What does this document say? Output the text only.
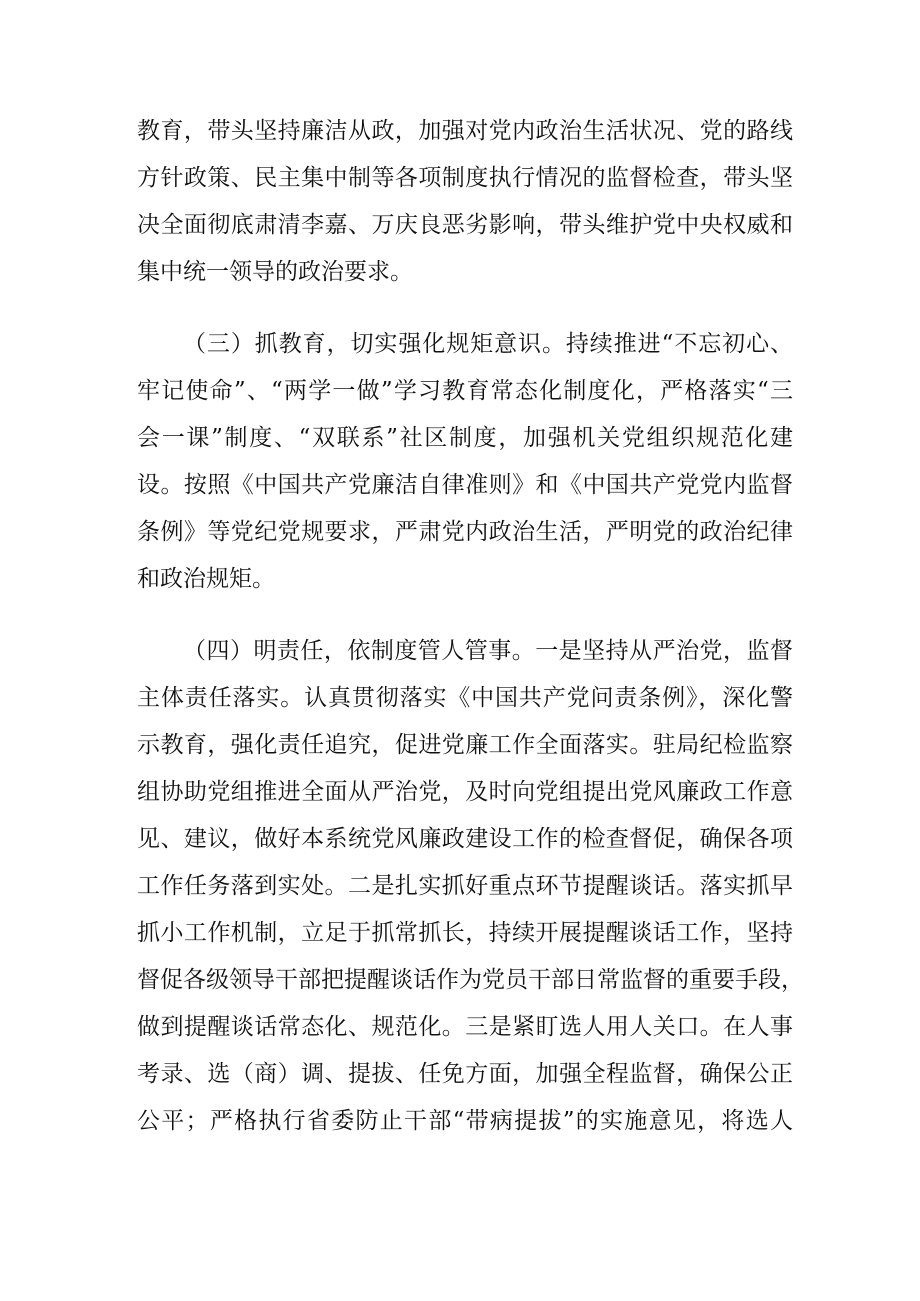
教育，带头坚持廉洁从政，加强对党内政治生活状况、党的路线
方针政策、民主集中制等各项制度执行情况的监督检查，带头坚
决全面彻底肃清李嘉、万庆良恶劣影响，带头维护党中央权威和
集中统一领导的政治要求。
（三）抓教育，切实强化规矩意识。持续推进“不忘初心、
牢记使命”、“两学一做”学习教育常态化制度化，严格落实“三
会一课”制度、“双联系”社区制度，加强机关党组织规范化建
设。按照《中国共产党廉洁自律准则》和《中国共产党党内监督
条例》等党纪党规要求，严肃党内政治生活，严明党的政治纪律
和政治规矩。
（四）明责任，依制度管人管事。一是坚持从严治党，监督
主体责任落实。认真贯彻落实《中国共产党问责条例》，深化警
示教育，强化责任追究，促进党廉工作全面落实。驻局纪检监察
组协助党组推进全面从严治党，及时向党组提出党风廉政工作意
见、建议，做好本系统党风廉政建设工作的检查督促，确保各项
工作任务落到实处。二是扎实抓好重点环节提醒谈话。落实抓早
抓小工作机制，立足于抓常抓长，持续开展提醒谈话工作，坚持
督促各级领导干部把提醒谈话作为党员干部日常监督的重要手段，
做到提醒谈话常态化、规范化。三是紧盯选人用人关口。在人事
考录、选（商）调、提拔、任免方面，加强全程监督，确保公正
公平；严格执行省委防止干部“带病提拔”的实施意见，将选人
